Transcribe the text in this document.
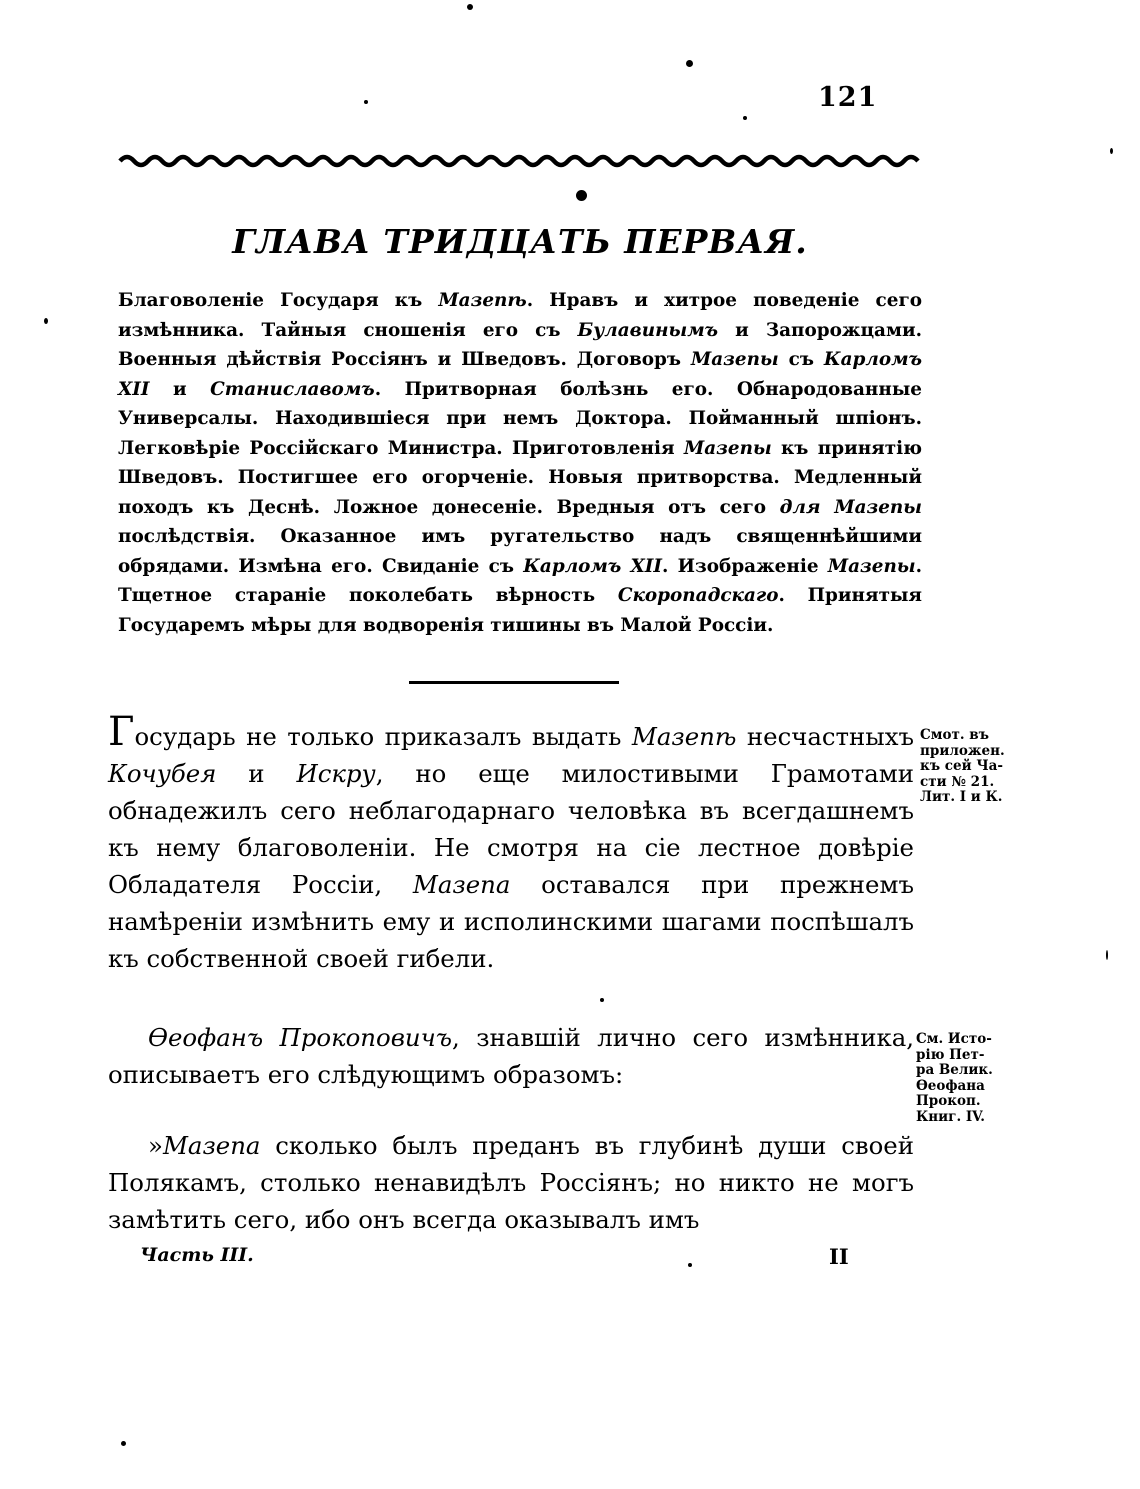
121
ГЛАВА ТРИДЦАТЬ ПЕРВАЯ.
Благоволеніе Государя къ Мазепѣ. Нравъ и хитрое поведеніе сего измѣнника. Тайныя сношенія его съ Булавинымъ и Запорожцами. Военныя дѣйствія Россіянъ и Шведовъ. Договоръ Мазепы съ Карломъ XII и Станиславомъ. Притворная болѣзнь его. Обнародованные Универсалы. Находившіеся при немъ Доктора. Пойманный шпіонъ. Легковѣріе Россійскаго Министра. Приготовленія Мазепы къ принятію Шведовъ. Постигшее его огорченіе. Новыя притворства. Медленный походъ къ Деснѣ. Ложное донесеніе. Вредныя отъ сего для Мазепы послѣдствія. Оказанное имъ ругательство надъ священнѣйшими обрядами. Измѣна его. Свиданіе съ Карломъ XII. Изображеніе Мазепы. Тщетное стараніе поколебать вѣрность Скоропадскаго. Принятыя Государемъ мѣры для водворенія тишины въ Малой Россіи.
Государь не только приказалъ выдать Мазепѣ несчастныхъ Кочубея и Искру, но еще милостивыми Грамотами обнадежилъ сего неблагодарнаго человѣка въ всегдашнемъ къ нему благоволеніи. Не смотря на сіе лестное довѣріе Обладателя Россіи, Мазепа оставался при прежнемъ намѣреніи измѣнить ему и исполинскими шагами поспѣшалъ къ собственной своей гибели.
Смот. въ
приложен.
къ сей Ча-
сти № 21.
Лит. I и К.
Ѳеофанъ Прокоповичъ, знавшій лично сего измѣнника, описываетъ его слѣдующимъ образомъ:
См. Исто-
рію Пет-
ра Велик.
Ѳеофана
Прокоп.
Книг. IV.
»Мазепа сколько былъ преданъ въ глубинѣ души своей Полякамъ, столько ненавидѣлъ Россіянъ; но никто не могъ замѣтить сего, ибо онъ всегда оказывалъ имъ
Часть III.	II
